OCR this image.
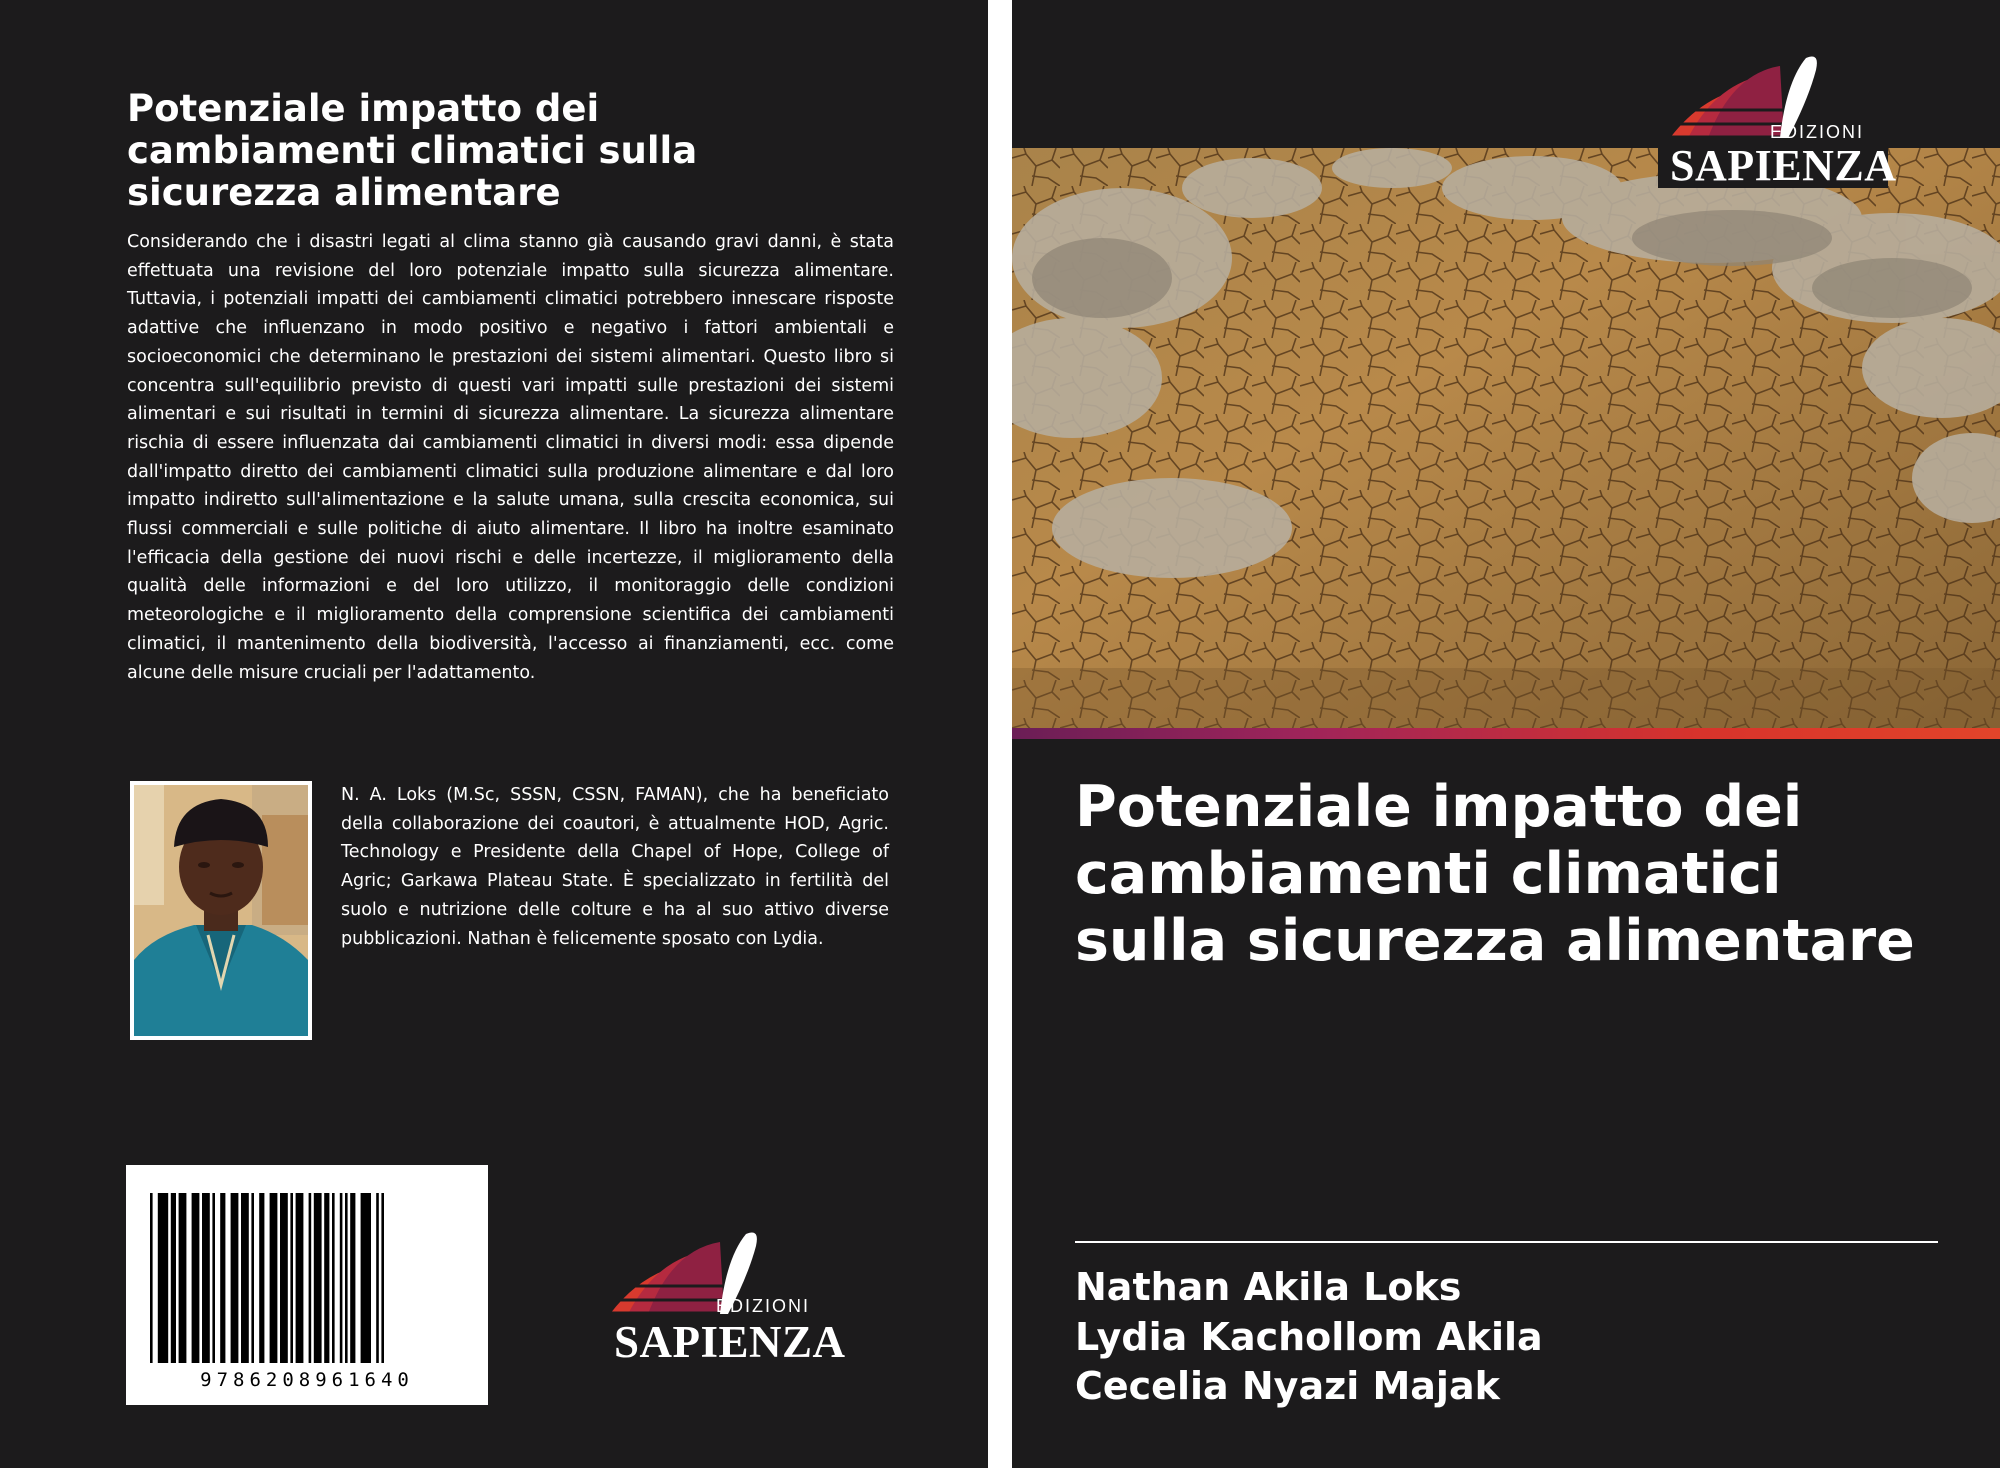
Potenziale impatto dei cambiamenti climatici sulla sicurezza alimentare

Considerando che i disastri legati al clima stanno già causando gravi danni, è stata effettuata una revisione del loro potenziale impatto sulla sicurezza alimentare. Tuttavia, i potenziali impatti dei cambiamenti climatici potrebbero innescare risposte adattive che influenzano in modo positivo e negativo i fattori ambientali e socioeconomici che determinano le prestazioni dei sistemi alimentari. Questo libro si concentra sull'equilibrio previsto di questi vari impatti sulle prestazioni dei sistemi alimentari e sui risultati in termini di sicurezza alimentare. La sicurezza alimentare rischia di essere influenzata dai cambiamenti climatici in diversi modi: essa dipende dall'impatto diretto dei cambiamenti climatici sulla produzione alimentare e dal loro impatto indiretto sull'alimentazione e la salute umana, sulla crescita economica, sui flussi commerciali e sulle politiche di aiuto alimentare. Il libro ha inoltre esaminato l'efficacia della gestione dei nuovi rischi e delle incertezze, il miglioramento della qualità delle informazioni e del loro utilizzo, il monitoraggio delle condizioni meteorologiche e il miglioramento della comprensione scientifica dei cambiamenti climatici, il mantenimento della biodiversità, l'accesso ai finanziamenti, ecc. come alcune delle misure cruciali per l'adattamento.

N. A. Loks (M.Sc, SSSN, CSSN, FAMAN), che ha beneficiato della collaborazione dei coautori, è attualmente HOD, Agric. Technology e Presidente della Chapel of Hope, College of Agric; Garkawa Plateau State. È specializzato in fertilità del suolo e nutrizione delle colture e ha al suo attivo diverse pubblicazioni. Nathan è felicemente sposato con Lydia.

9786208961640
EDIZIONI
SAPIENZA
EDIZIONI
SAPIENZA
Potenziale impatto dei cambiamenti climatici sulla sicurezza alimentare
Nathan Akila Loks
Lydia Kachollom Akila
Cecelia Nyazi Majak
